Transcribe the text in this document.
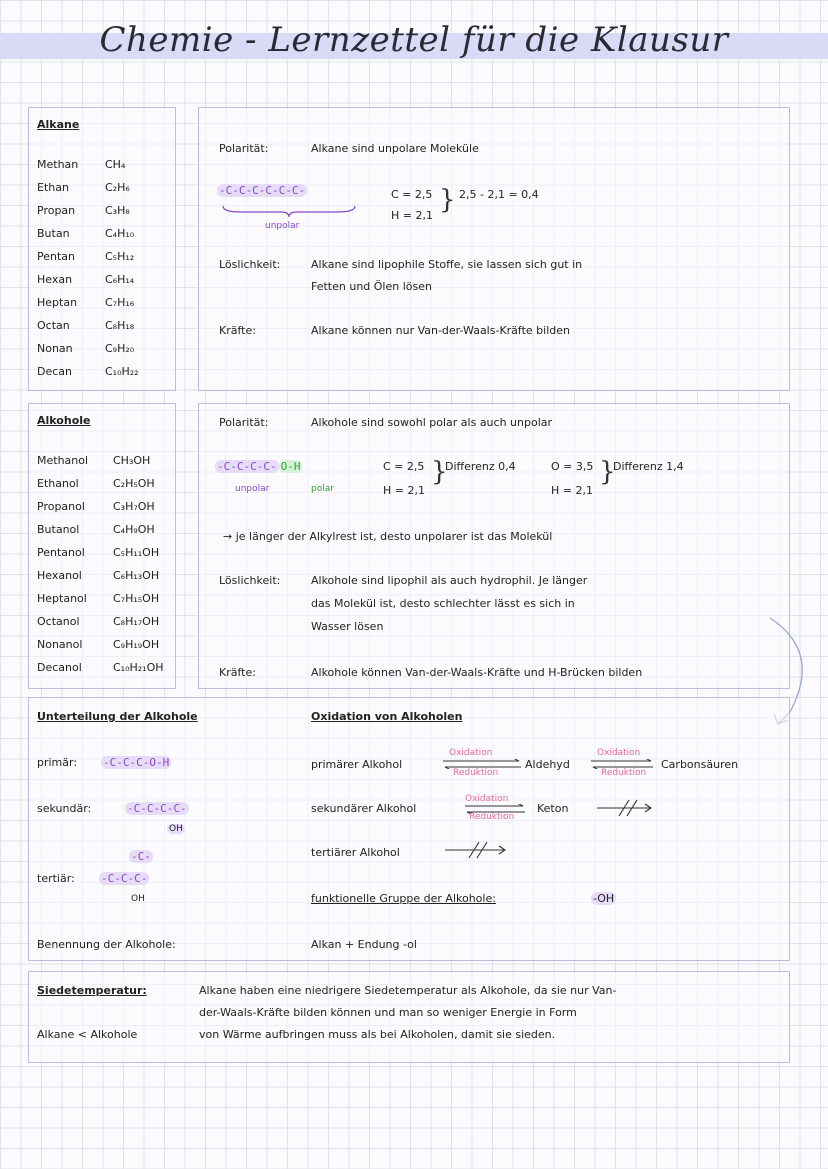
Chemie - Lernzettel für die Klausur
Alkane
Methan CH₄
Ethan	C₂H₆
Propan	C₃H₈
Butan	C₄H₁₀
Pentan	C₅H₁₂
Hexan	C₆H₁₄
Heptan	C₇H₁₆
Octan	C₈H₁₈
Nonan	C₉H₂₀
Decan	C₁₀H₂₂
Polarität:	Alkane sind unpolare Moleküle
-C-C-C-C-C-C-
unpolar
C = 2,5
H = 2,1
} 2,5 - 2,1 = 0,4
Löslichkeit:	Alkane sind lipophile Stoffe, sie lassen sich gut in
Fetten und Ölen lösen
Kräfte:	Alkane können nur Van-der-Waals-Kräfte bilden
Alkohole
Methanol CH₃OH
Ethanol	C₂H₅OH
Propanol	C₃H₇OH
Butanol	C₄H₉OH
Pentanol	C₅H₁₁OH
Hexanol	C₆H₁₃OH
Heptanol C₇H₁₅OH
Octanol	C₈H₁₇OH
Nonanol	C₉H₁₉OH
Decanol	C₁₀H₂₁OH
Polarität:	Alkohole sind sowohl polar als auch unpolar
-C-C-C-C- O-H
unpolar	polar
C = 2,5
H = 2,1
}
Differenz 0,4	O = 3,5
H = 2,1
}
Differenz 1,4
→ je länger der Alkylrest ist, desto unpolarer ist das Molekül
Löslichkeit:	Alkohole sind lipophil als auch hydrophil. Je länger
das Molekül ist, desto schlechter lässt es sich in
Wasser lösen
Kräfte:	Alkohole können Van-der-Waals-Kräfte und H-Brücken bilden
Unterteilung der Alkohole
primär: -C-C-C-O-H
sekundär:	-C-C-C-C-
OH
-C-
tertiär: -C-C-C-
OH
Benennung der Alkohole:
Oxidation von Alkoholen
primärer Alkohol
Oxidation
Reduktion
Aldehyd
Oxidation
Reduktion
Carbonsäuren
sekundärer Alkohol
Oxidation
Reduktion
Keton
tertiärer Alkohol
funktionelle Gruppe der Alkohole:	-OH
Alkan + Endung -ol
Siedetemperatur:
Alkane < Alkohole
Alkane haben eine niedrigere Siedetemperatur als Alkohole, da sie nur Van-
der-Waals-Kräfte bilden können und man so weniger Energie in Form
von Wärme aufbringen muss als bei Alkoholen, damit sie sieden.
